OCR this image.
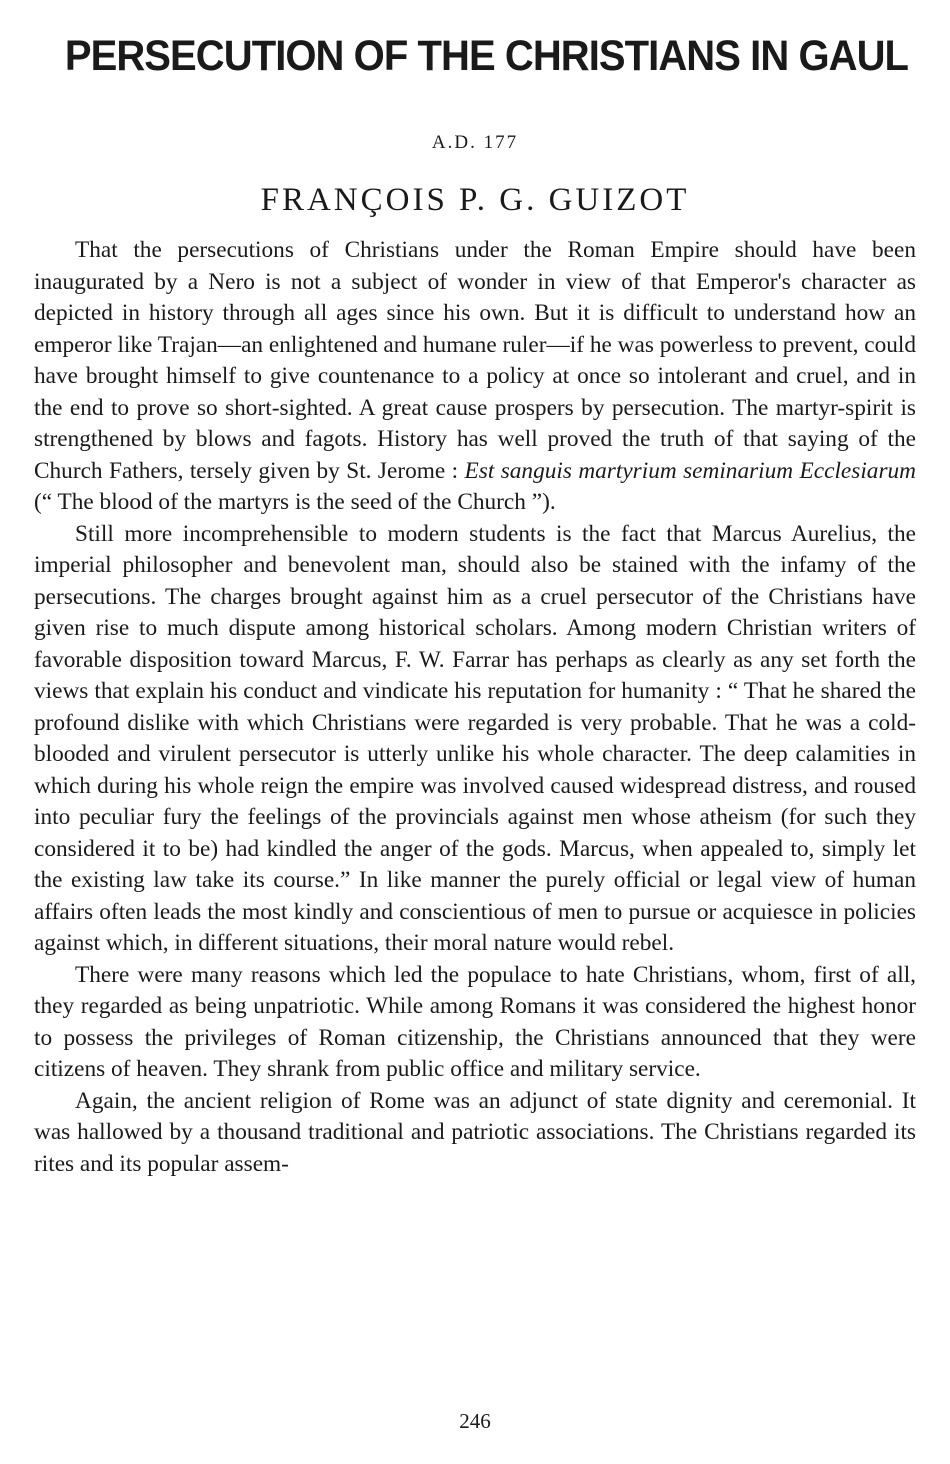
PERSECUTION OF THE CHRISTIANS IN GAUL
A.D. 177
FRANÇOIS P. G. GUIZOT

That the persecutions of Christians under the Roman Empire should have been inaugurated by a Nero is not a subject of wonder in view of that Emperor's character as depicted in history through all ages since his own. But it is difficult to understand how an emperor like Trajan—an enlightened and humane ruler—if he was powerless to prevent, could have brought himself to give countenance to a policy at once so intolerant and cruel, and in the end to prove so short-sighted. A great cause prospers by persecution. The martyr-spirit is strengthened by blows and fagots. History has well proved the truth of that saying of the Church Fathers, tersely given by St. Jerome : Est sanguis martyrium seminarium Ecclesiarum (“ The blood of the martyrs is the seed of the Church ”).

Still more incomprehensible to modern students is the fact that Marcus Aurelius, the imperial philosopher and benevolent man, should also be stained with the infamy of the persecutions. The charges brought against him as a cruel persecutor of the Christians have given rise to much dispute among historical scholars. Among modern Christian writers of favorable disposition toward Marcus, F. W. Farrar has perhaps as clearly as any set forth the views that explain his conduct and vindicate his reputation for humanity : “ That he shared the profound dislike with which Christians were regarded is very probable. That he was a cold-blooded and virulent persecutor is utterly unlike his whole character. The deep calamities in which during his whole reign the empire was involved caused widespread distress, and roused into peculiar fury the feelings of the provincials against men whose atheism (for such they considered it to be) had kindled the anger of the gods. Marcus, when appealed to, simply let the existing law take its course.” In like manner the purely official or legal view of human affairs often leads the most kindly and conscientious of men to pursue or acquiesce in policies against which, in different situations, their moral nature would rebel.

There were many reasons which led the populace to hate Christians, whom, first of all, they regarded as being unpatriotic. While among Romans it was considered the highest honor to possess the privileges of Roman citizenship, the Christians announced that they were citizens of heaven. They shrank from public office and military service.

Again, the ancient religion of Rome was an adjunct of state dignity and ceremonial. It was hallowed by a thousand traditional and patriotic associations. The Christians regarded its rites and its popular assem-

246
